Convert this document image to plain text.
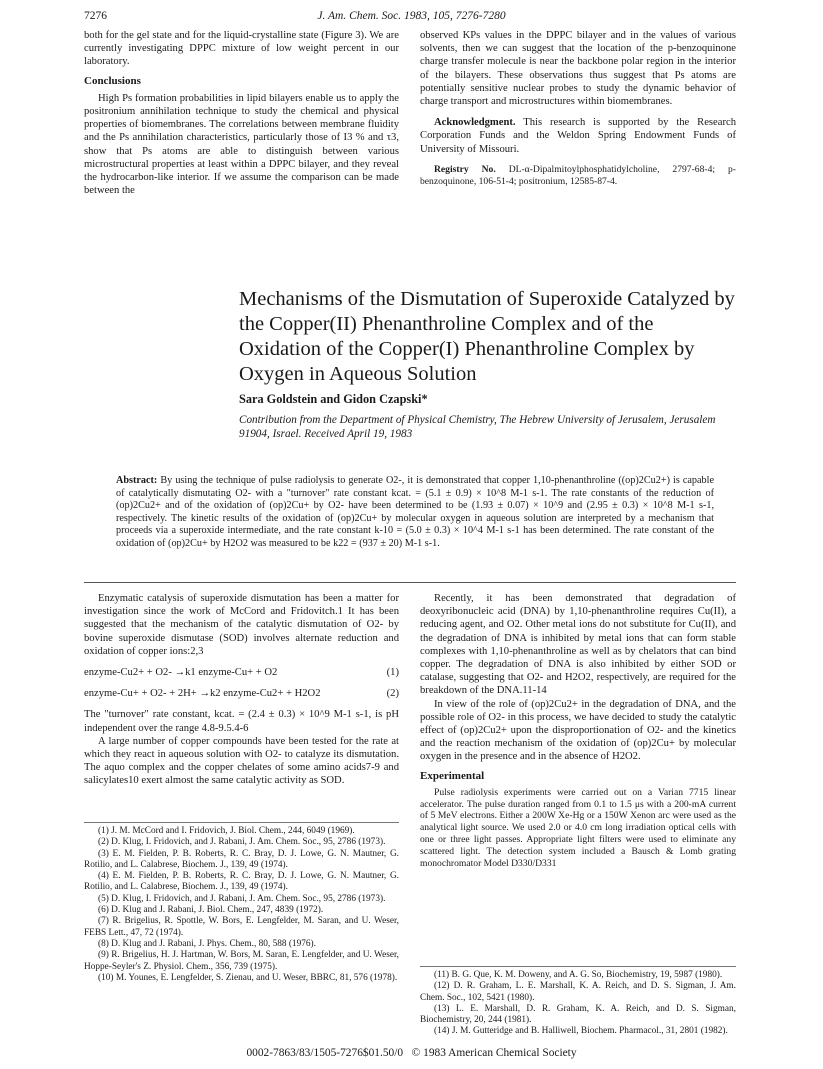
7276	J. Am. Chem. Soc. 1983, 105, 7276-7280

both for the gel state and for the liquid-crystalline state (Figure 3). We are currently investigating DPPC mixture of low weight percent in our laboratory.

Conclusions

High Ps formation probabilities in lipid bilayers enable us to apply the positronium annihilation technique to study the chemical and physical properties of biomembranes. The correlations between membrane fluidity and the Ps annihilation characteristics, particularly those of I3 % and τ3, show that Ps atoms are able to distinguish between various microstructural properties at least within a DPPC bilayer, and they reveal the hydrocarbon-like interior. If we assume the comparison can be made between the

observed KPs values in the DPPC bilayer and in the values of various solvents, then we can suggest that the location of the p-benzoquinone charge transfer molecule is near the backbone polar region in the interior of the bilayers. These observations thus suggest that Ps atoms are potentially sensitive nuclear probes to study the dynamic behavior of charge transport and microstructures within biomembranes.

Acknowledgment. This research is supported by the Research Corporation Funds and the Weldon Spring Endowment Funds of University of Missouri.

Registry No. DL-α-Dipalmitoylphosphatidylcholine, 2797-68-4; p-benzoquinone, 106-51-4; positronium, 12585-87-4.

Mechanisms of the Dismutation of Superoxide Catalyzed by the Copper(II) Phenanthroline Complex and of the Oxidation of the Copper(I) Phenanthroline Complex by Oxygen in Aqueous Solution
Sara Goldstein and Gidon Czapski*
Contribution from the Department of Physical Chemistry, The Hebrew University of Jerusalem, Jerusalem 91904, Israel. Received April 19, 1983
Abstract: By using the technique of pulse radiolysis to generate O2-, it is demonstrated that copper 1,10-phenanthroline ((op)2Cu2+) is capable of catalytically dismutating O2- with a "turnover" rate constant kcat. = (5.1 ± 0.9) × 10^8 M-1 s-1. The rate constants of the reduction of (op)2Cu2+ and of the oxidation of (op)2Cu+ by O2- have been determined to be (1.93 ± 0.07) × 10^9 and (2.95 ± 0.3) × 10^8 M-1 s-1, respectively. The kinetic results of the oxidation of (op)2Cu+ by molecular oxygen in aqueous solution are interpreted by a mechanism that proceeds via a superoxide intermediate, and the rate constant k-10 = (5.0 ± 0.3) × 10^4 M-1 s-1 has been determined. The rate constant of the oxidation of (op)2Cu+ by H2O2 was measured to be k22 = (937 ± 20) M-1 s-1.

Enzymatic catalysis of superoxide dismutation has been a matter for investigation since the work of McCord and Fridovitch.1 It has been suggested that the mechanism of the catalytic dismutation of O2- by bovine superoxide dismutase (SOD) involves alternate reduction and oxidation of copper ions:2,3

enzyme-Cu2+ + O2- →k1 enzyme-Cu+ + O2	(1)
enzyme-Cu+ + O2- + 2H+ →k2 enzyme-Cu2+ + H2O2	(2)

The "turnover" rate constant, kcat. = (2.4 ± 0.3) × 10^9 M-1 s-1, is pH independent over the range 4.8-9.5.4-6

A large number of copper compounds have been tested for the rate at which they react in aqueous solution with O2- to catalyze its dismutation. The aquo complex and the copper chelates of some amino acids7-9 and salicylates10 exert almost the same catalytic activity as SOD.

(1) J. M. McCord and I. Fridovich, J. Biol. Chem., 244, 6049 (1969).
(2) D. Klug, I. Fridovich, and J. Rabani, J. Am. Chem. Soc., 95, 2786 (1973).
(3) E. M. Fielden, P. B. Roberts, R. C. Bray, D. J. Lowe, G. N. Mautner, G. Rotilio, and L. Calabrese, Biochem. J., 139, 49 (1974).
(4) E. M. Fielden, P. B. Roberts, R. C. Bray, D. J. Lowe, G. N. Mautner, G. Rotilio, and L. Calabrese, Biochem. J., 139, 49 (1974).
(5) D. Klug, I. Fridovich, and J. Rabani, J. Am. Chem. Soc., 95, 2786 (1973).
(6) D. Klug and J. Rabani, J. Biol. Chem., 247, 4839 (1972).
(7) R. Brigelius, R. Spottle, W. Bors, E. Lengfelder, M. Saran, and U. Weser, FEBS Lett., 47, 72 (1974).
(8) D. Klug and J. Rabani, J. Phys. Chem., 80, 588 (1976).
(9) R. Brigelius, H. J. Hartman, W. Bors, M. Saran, E. Lengfelder, and U. Weser, Hoppe-Seyler's Z. Physiol. Chem., 356, 739 (1975).
(10) M. Younes, E. Lengfelder, S. Zienau, and U. Weser, BBRC, 81, 576 (1978).

Recently, it has been demonstrated that degradation of deoxyribonucleic acid (DNA) by 1,10-phenanthroline requires Cu(II), a reducing agent, and O2. Other metal ions do not substitute for Cu(II), and the degradation of DNA is inhibited by metal ions that can form stable complexes with 1,10-phenanthroline as well as by chelators that can bind copper. The degradation of DNA is also inhibited by either SOD or catalase, suggesting that O2- and H2O2, respectively, are required for the breakdown of the DNA.11-14

In view of the role of (op)2Cu2+ in the degradation of DNA, and the possible role of O2- in this process, we have decided to study the catalytic effect of (op)2Cu2+ upon the disproportionation of O2- and the kinetics and the reaction mechanism of the oxidation of (op)2Cu+ by molecular oxygen in the presence and in the absence of H2O2.

Experimental

Pulse radiolysis experiments were carried out on a Varian 7715 linear accelerator. The pulse duration ranged from 0.1 to 1.5 μs with a 200-mA current of 5 MeV electrons. Either a 200W Xe-Hg or a 150W Xenon arc were used as the analytical light source. We used 2.0 or 4.0 cm long irradiation optical cells with one or three light passes. Appropriate light filters were used to eliminate any scattered light. The detection system included a Bausch & Lomb grating monochromator Model D330/D331

(11) B. G. Que, K. M. Doweny, and A. G. So, Biochemistry, 19, 5987 (1980).
(12) D. R. Graham, L. E. Marshall, K. A. Reich, and D. S. Sigman, J. Am. Chem. Soc., 102, 5421 (1980).
(13) L. E. Marshall, D. R. Graham, K. A. Reich, and D. S. Sigman, Biochemistry, 20, 244 (1981).
(14) J. M. Gutteridge and B. Halliwell, Biochem. Pharmacol., 31, 2801 (1982).
0002-7863/83/1505-7276$01.50/0 © 1983 American Chemical Society
